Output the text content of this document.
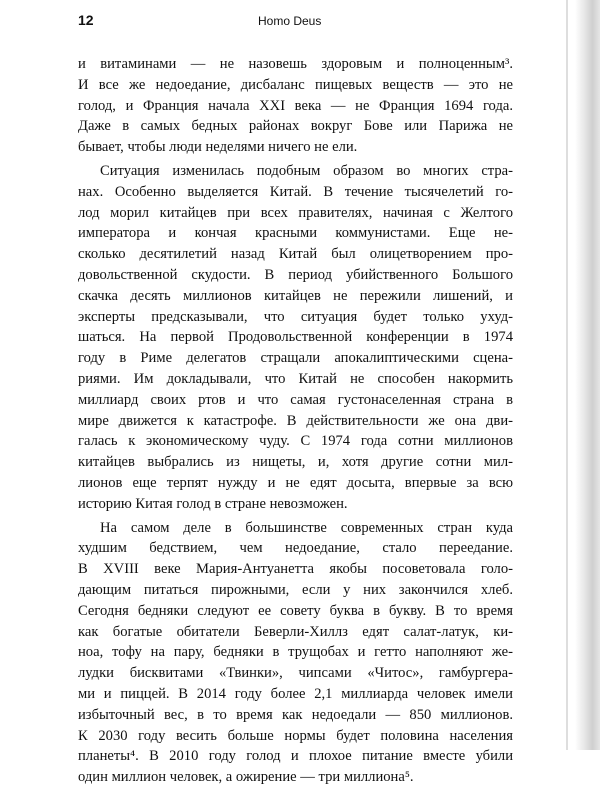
12	Homo Deus
и витаминами — не назовешь здоровым и полноценным³.
И все же недоедание, дисбаланс пищевых веществ — это не
голод, и Франция начала XXI века — не Франция 1694 года.
Даже в самых бедных районах вокруг Бове или Парижа не
бывает, чтобы люди неделями ничего не ели.
Ситуация изменилась подобным образом во многих стра-
нах. Особенно выделяется Китай. В течение тысячелетий го-
лод морил китайцев при всех правителях, начиная с Желтого
императора и кончая красными коммунистами. Еще не-
сколько десятилетий назад Китай был олицетворением про-
довольственной скудости. В период убийственного Большого
скачка десять миллионов китайцев не пережили лишений, и
эксперты предсказывали, что ситуация будет только ухуд-
шаться. На первой Продовольственной конференции в 1974
году в Риме делегатов стращали апокалиптическими сцена-
риями. Им докладывали, что Китай не способен накормить
миллиард своих ртов и что самая густонаселенная страна в
мире движется к катастрофе. В действительности же она дви-
галась к экономическому чуду. С 1974 года сотни миллионов
китайцев выбрались из нищеты, и, хотя другие сотни мил-
лионов еще терпят нужду и не едят досыта, впервые за всю
историю Китая голод в стране невозможен.
На самом деле в большинстве современных стран куда
худшим бедствием, чем недоедание, стало переедание.
В XVIII веке Мария-Антуанетта якобы посоветовала голо-
дающим питаться пирожными, если у них закончился хлеб.
Сегодня бедняки следуют ее совету буква в букву. В то время
как богатые обитатели Беверли-Хиллз едят салат-латук, ки-
ноа, тофу на пару, бедняки в трущобах и гетто наполняют же-
лудки бисквитами «Твинки», чипсами «Читос», гамбургера-
ми и пиццей. В 2014 году более 2,1 миллиарда человек имели
избыточный вес, в то время как недоедали — 850 миллионов.
К 2030 году весить больше нормы будет половина населения
планеты⁴. В 2010 году голод и плохое питание вместе убили
один миллион человек, а ожирение — три миллиона⁵.
